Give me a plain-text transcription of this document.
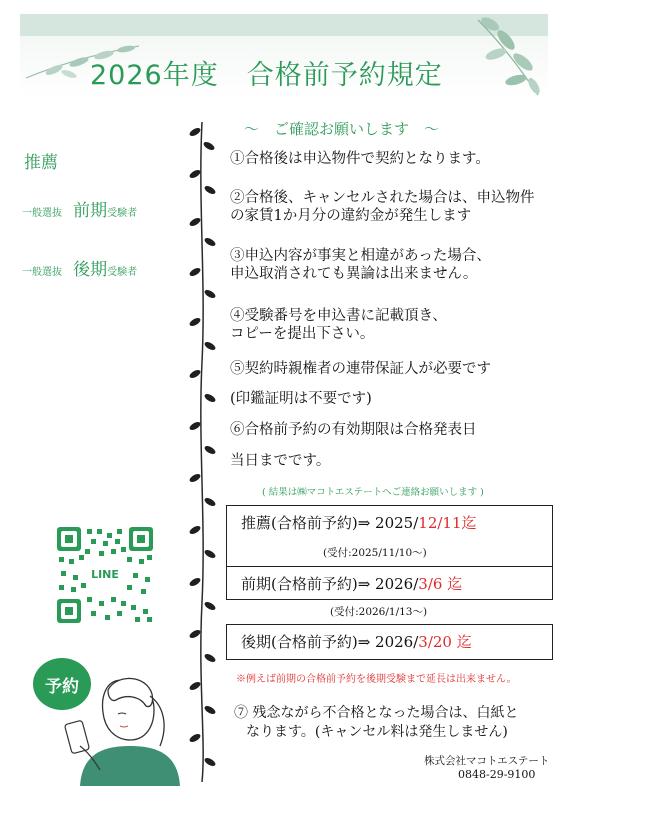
2026年度　合格前予約規定
～　ご確認お願いします　～
推薦
一般選抜 前期受験者
一般選抜 後期受験者
①合格後は申込物件で契約となります。
②合格後、キャンセルされた場合は、申込物件
の家賃1か月分の違約金が発生します
③申込内容が事実と相違があった場合、
申込取消されても異論は出来ません。
④受験番号を申込書に記載頂き、
コピーを提出下さい。
⑤契約時親権者の連帯保証人が必要です
(印鑑証明は不要です)
⑥合格前予約の有効期限は合格発表日
当日までです。
( 結果は㈱マコトエステートへご連絡お願いします )
推薦(合格前予約)⇒ 2025/12/11迄
(受付:2025/11/10～)
前期(合格前予約)⇒ 2026/3/6 迄
(受付:2026/1/13～)
後期(合格前予約)⇒ 2026/3/20 迄
※例えば前期の合格前予約を後期受験まで延長は出来ません。
⑦ 残念ながら不合格となった場合は、白紙と
なります。(キャンセル料は発生しません)
株式会社マコトエステート
0848-29-9100
LINE
予約
